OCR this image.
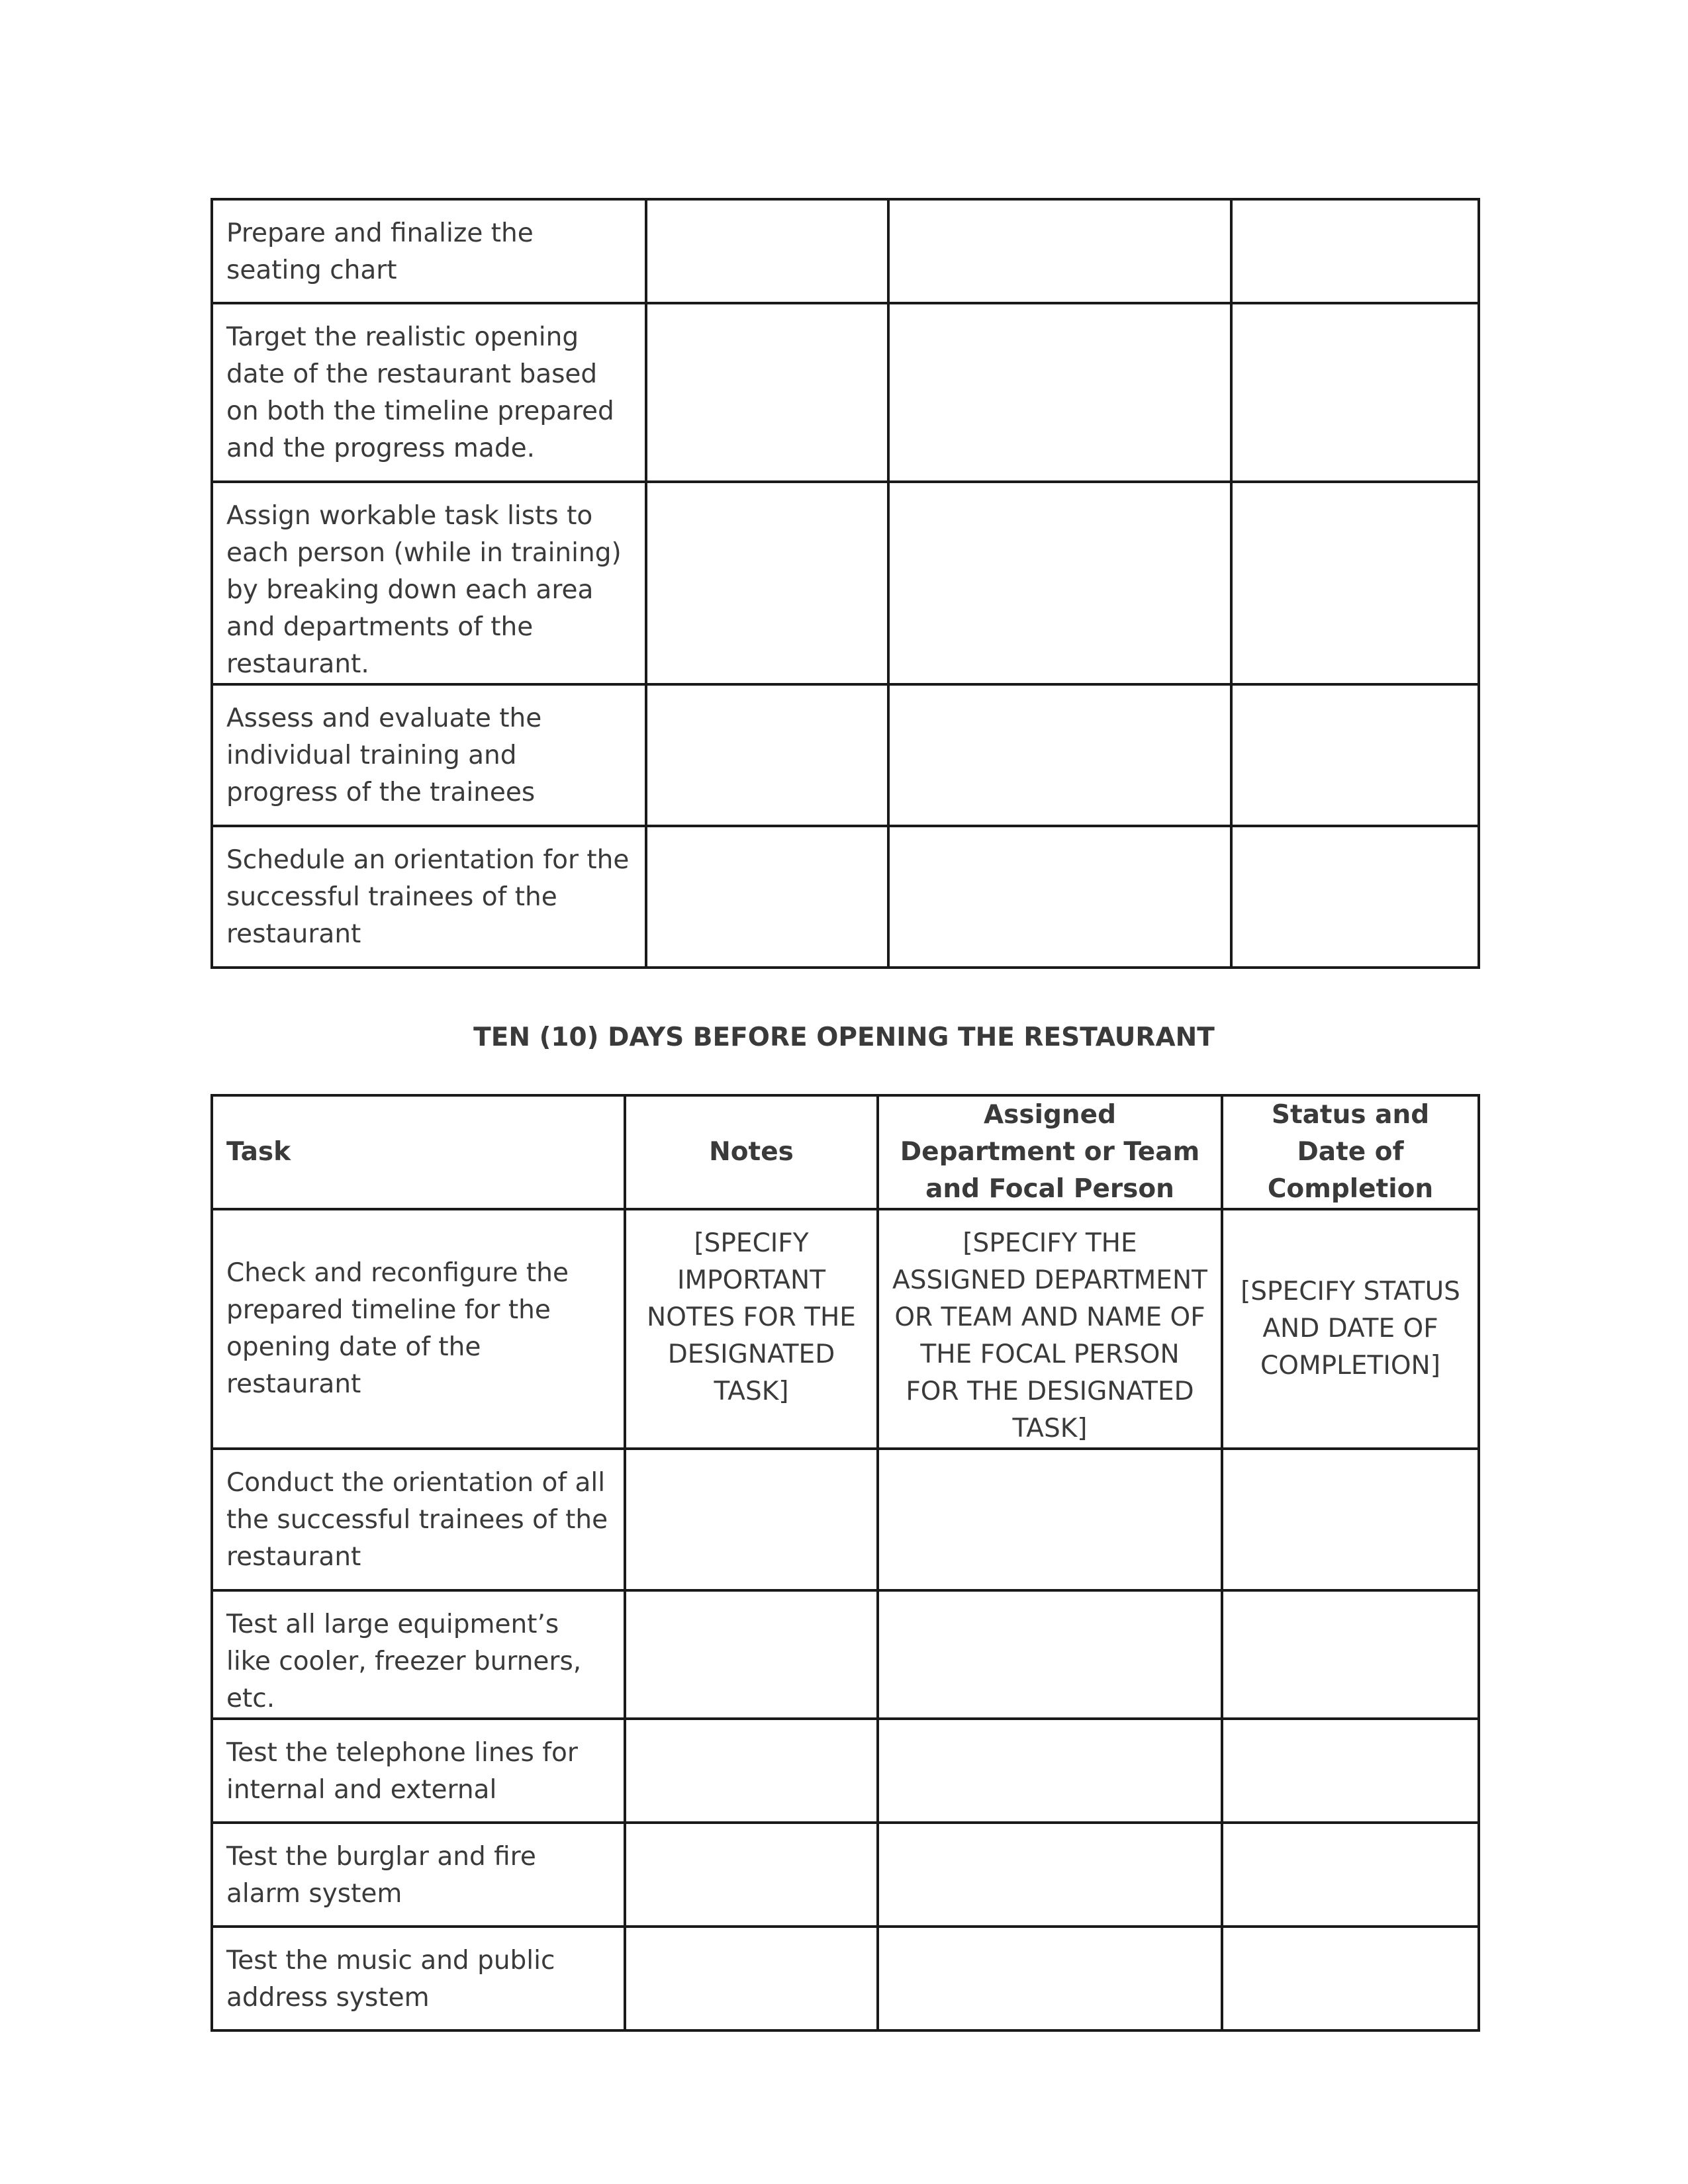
Prepare and finalize the seating chart			
Target the realistic opening date of the restaurant based on both the timeline prepared and the progress made.			
Assign workable task lists to each person (while in training) by breaking down each area and departments of the restaurant.			
Assess and evaluate the individual training and progress of the trainees			
Schedule an orientation for the successful trainees of the restaurant			
TEN (10) DAYS BEFORE OPENING THE RESTAURANT
Task	Notes	Assigned Department or Team and Focal Person	Status and Date of Completion
Check and reconfigure the prepared timeline for the opening date of the restaurant	[SPECIFY IMPORTANT NOTES FOR THE DESIGNATED TASK]	[SPECIFY THE ASSIGNED DEPARTMENT OR TEAM AND NAME OF THE FOCAL PERSON FOR THE DESIGNATED TASK]	[SPECIFY STATUS AND DATE OF COMPLETION]
Conduct the orientation of all the successful trainees of the restaurant			
Test all large equipment’s like cooler, freezer burners, etc.			
Test the telephone lines for internal and external			
Test the burglar and fire alarm system			
Test the music and public address system			
